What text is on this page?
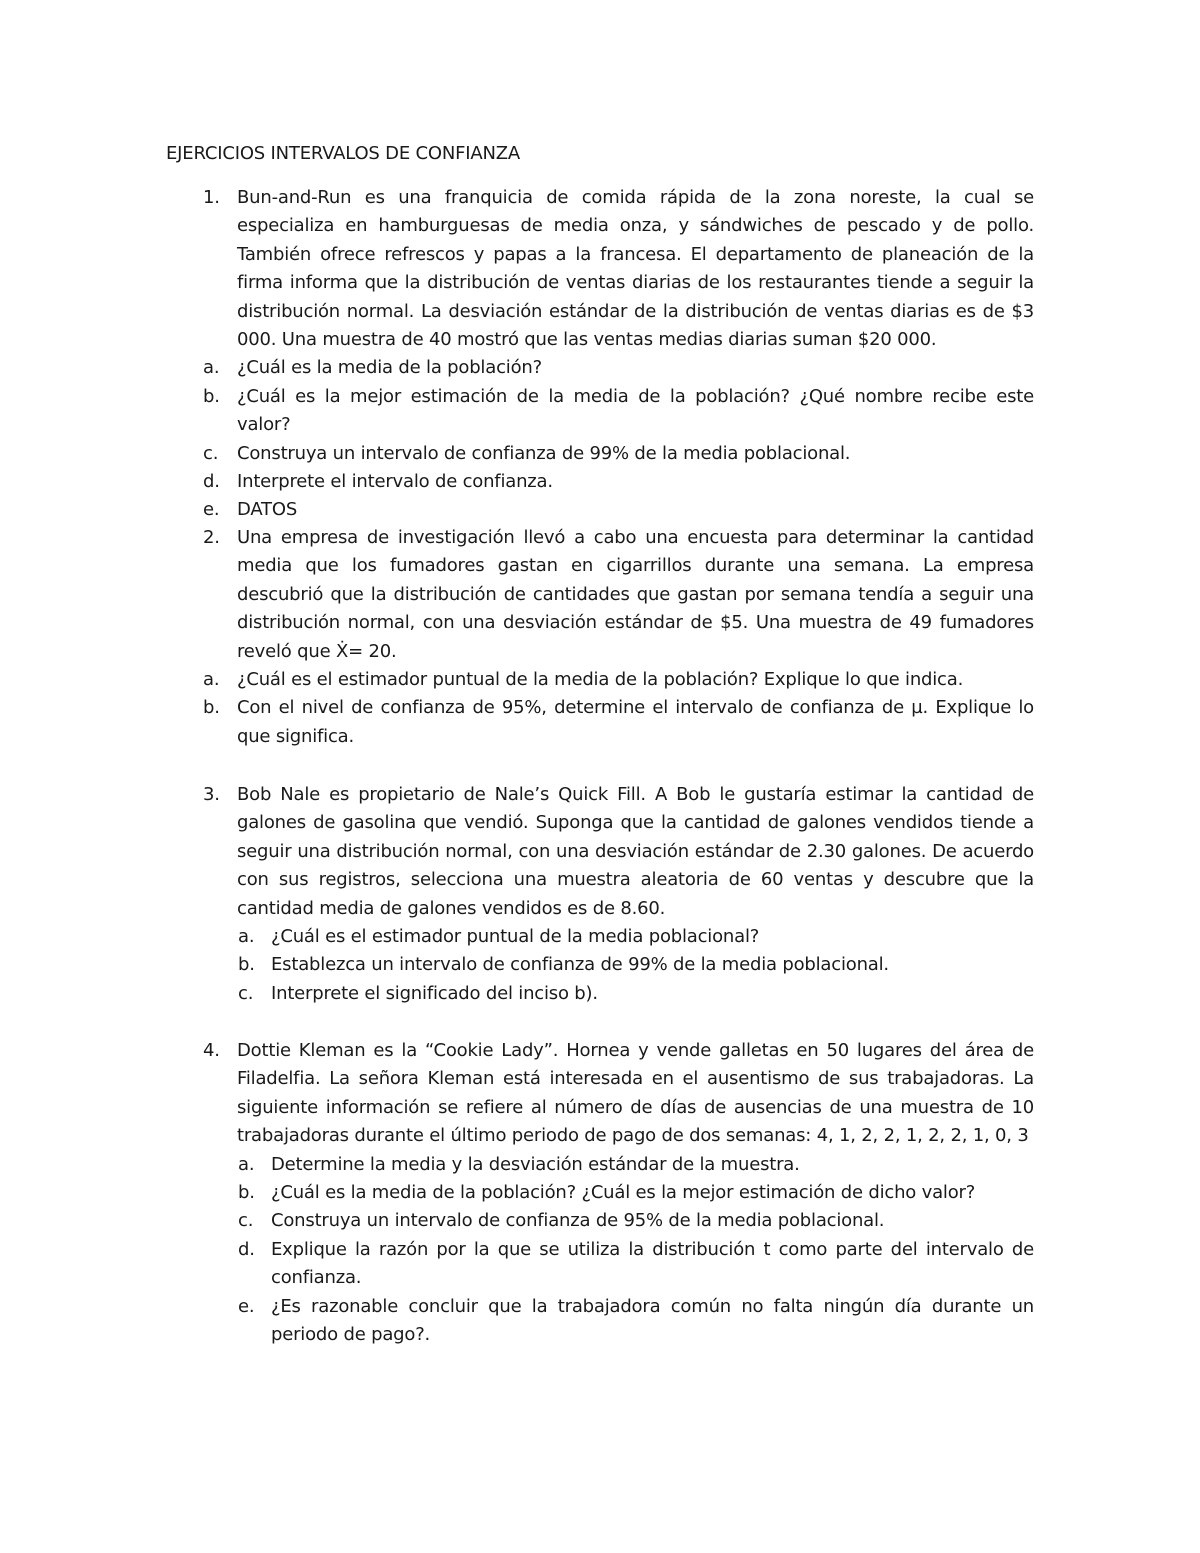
EJERCICIOS INTERVALOS DE CONFIANZA
1. Bun-and-Run es una franquicia de comida rápida de la zona noreste, la cual se especializa en hamburguesas de media onza, y sándwiches de pescado y de pollo. También ofrece refrescos y papas a la francesa. El departamento de planeación de la firma informa que la distribución de ventas diarias de los restaurantes tiende a seguir la distribución normal. La desviación estándar de la distribución de ventas diarias es de $3 000. Una muestra de 40 mostró que las ventas medias diarias suman $20 000.
a. ¿Cuál es la media de la población?
b. ¿Cuál es la mejor estimación de la media de la población? ¿Qué nombre recibe este valor?
c. Construya un intervalo de confianza de 99% de la media poblacional.
d. Interprete el intervalo de confianza.
e. DATOS
2. Una empresa de investigación llevó a cabo una encuesta para determinar la cantidad media que los fumadores gastan en cigarrillos durante una semana. La empresa descubrió que la distribución de cantidades que gastan por semana tendía a seguir una distribución normal, con una desviación estándar de $5. Una muestra de 49 fumadores reveló que Ẋ= 20.
a. ¿Cuál es el estimador puntual de la media de la población? Explique lo que indica.
b. Con el nivel de confianza de 95%, determine el intervalo de confianza de µ. Explique lo que significa.
3. Bob Nale es propietario de Nale’s Quick Fill. A Bob le gustaría estimar la cantidad de galones de gasolina que vendió. Suponga que la cantidad de galones vendidos tiende a seguir una distribución normal, con una desviación estándar de 2.30 galones. De acuerdo con sus registros, selecciona una muestra aleatoria de 60 ventas y descubre que la cantidad media de galones vendidos es de 8.60.
a. ¿Cuál es el estimador puntual de la media poblacional?
b. Establezca un intervalo de confianza de 99% de la media poblacional.
c. Interprete el significado del inciso b).
4. Dottie Kleman es la “Cookie Lady”. Hornea y vende galletas en 50 lugares del área de Filadelfia. La señora Kleman está interesada en el ausentismo de sus trabajadoras. La siguiente información se refiere al número de días de ausencias de una muestra de 10 trabajadoras durante el último periodo de pago de dos semanas: 4, 1, 2, 2, 1, 2, 2, 1, 0, 3
a. Determine la media y la desviación estándar de la muestra.
b. ¿Cuál es la media de la población? ¿Cuál es la mejor estimación de dicho valor?
c. Construya un intervalo de confianza de 95% de la media poblacional.
d. Explique la razón por la que se utiliza la distribución t como parte del intervalo de confianza.
e. ¿Es razonable concluir que la trabajadora común no falta ningún día durante un periodo de pago?.
